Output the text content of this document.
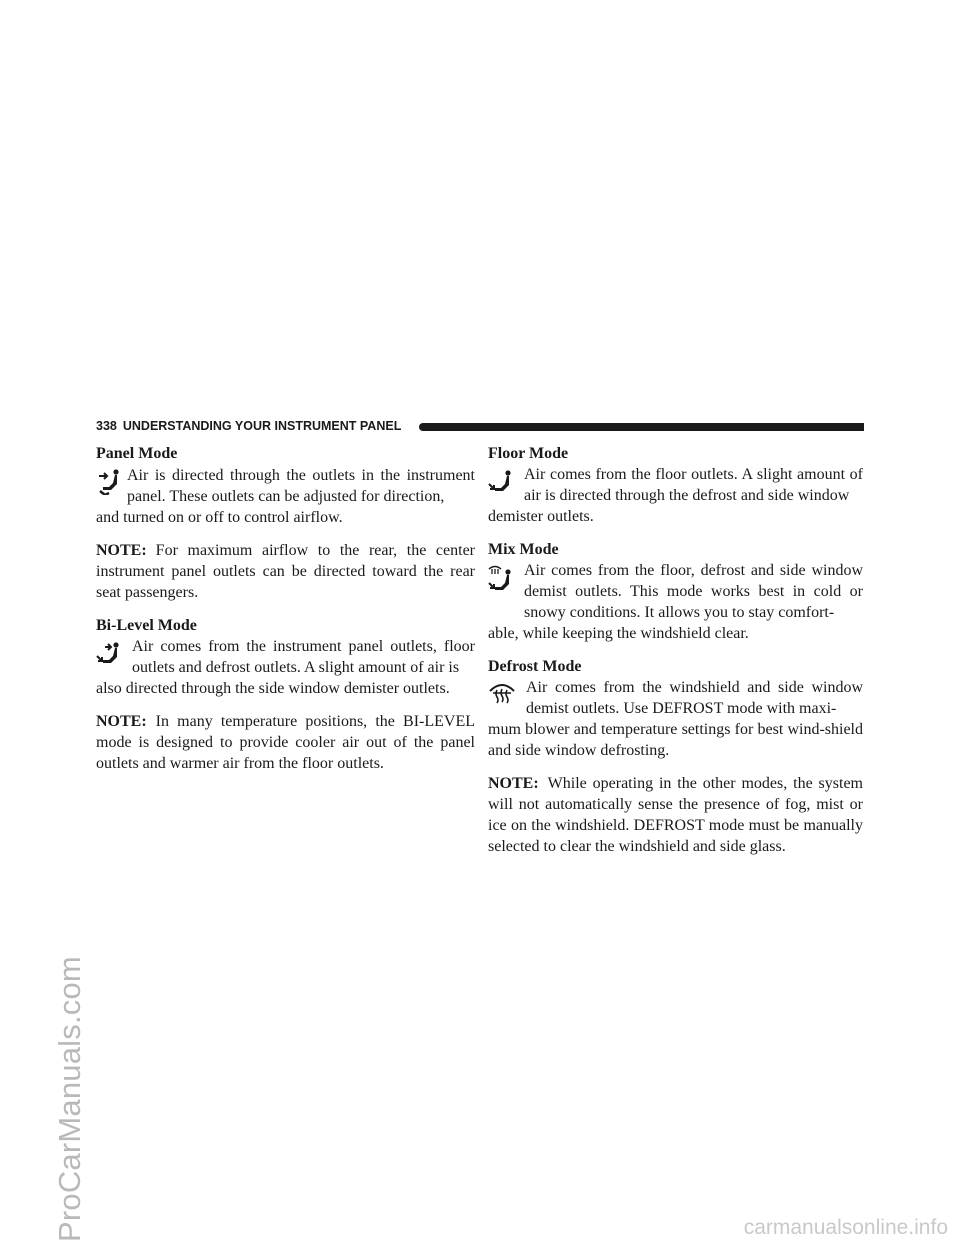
ProCarManuals.com	carmanualsonline.info
338 UNDERSTANDING YOUR INSTRUMENT PANEL
Panel Mode
Air is directed through the outlets in the instrument panel. These outlets can be adjusted for direction,
and turned on or off to control airflow.

NOTE: For maximum airflow to the rear, the center instrument panel outlets can be directed toward the rear seat passengers.

Bi-Level Mode
Air comes from the instrument panel outlets, floor outlets and defrost outlets. A slight amount of air is
also directed through the side window demister outlets.

NOTE: In many temperature positions, the BI-LEVEL mode is designed to provide cooler air out of the panel outlets and warmer air from the floor outlets.

Floor Mode
Air comes from the floor outlets. A slight amount of air is directed through the defrost and side window
demister outlets.
Mix Mode
Air comes from the floor, defrost and side window demist outlets. This mode works best in cold or snowy conditions. It allows you to stay comfort-
able, while keeping the windshield clear.
Defrost Mode
Air comes from the windshield and side window demist outlets. Use DEFROST mode with maxi-
mum blower and temperature settings for best wind-shield and side window defrosting.

NOTE: While operating in the other modes, the system will not automatically sense the presence of fog, mist or ice on the windshield. DEFROST mode must be manually selected to clear the windshield and side glass.
